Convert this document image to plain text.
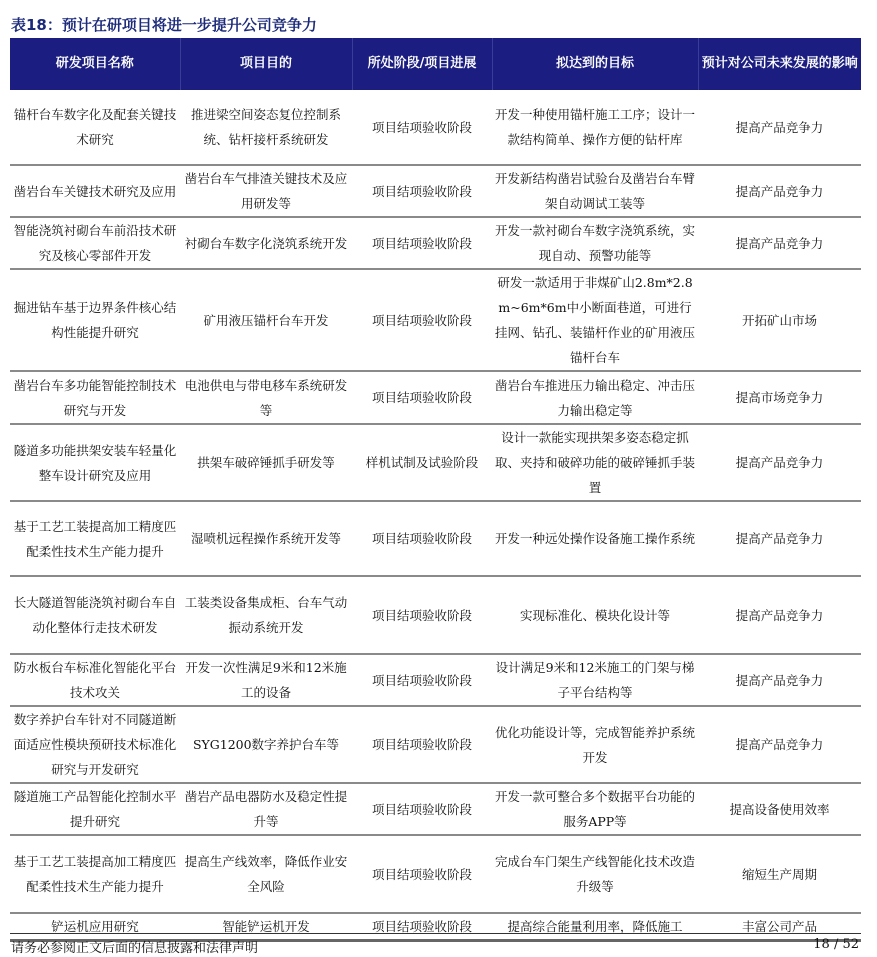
表18：预计在研项目将进一步提升公司竞争力
研发项目名称	项目目的	所处阶段/项目进展	拟达到的目标	预计对公司未来发展的影响
锚杆台车数字化及配套关键技术研究	推进梁空间姿态复位控制系统、钻杆接杆系统研发	项目结项验收阶段	开发一种使用锚杆施工工序；设计一款结构简单、操作方便的钻杆库	提高产品竞争力
凿岩台车关键技术研究及应用	凿岩台车气排渣关键技术及应用研发等	项目结项验收阶段	开发新结构凿岩试验台及凿岩台车臂架自动调试工装等	提高产品竞争力
智能浇筑衬砌台车前沿技术研究及核心零部件开发	衬砌台车数字化浇筑系统开发	项目结项验收阶段	开发一款衬砌台车数字浇筑系统，实现自动、预警功能等	提高产品竞争力
掘进钻车基于边界条件核心结构性能提升研究	矿用液压锚杆台车开发	项目结项验收阶段	研发一款适用于非煤矿山2.8m*2.8m~6m*6m中小断面巷道，可进行挂网、钻孔、装锚杆作业的矿用液压锚杆台车	开拓矿山市场
凿岩台车多功能智能控制技术研究与开发	电池供电与带电移车系统研发等	项目结项验收阶段	凿岩台车推进压力输出稳定、冲击压力输出稳定等	提高市场竞争力
隧道多功能拱架安装车轻量化整车设计研究及应用	拱架车破碎锤抓手研发等	样机试制及试验阶段	设计一款能实现拱架多姿态稳定抓取、夹持和破碎功能的破碎锤抓手装置	提高产品竞争力
基于工艺工装提高加工精度匹配柔性技术生产能力提升	湿喷机远程操作系统开发等	项目结项验收阶段	开发一种远处操作设备施工操作系统	提高产品竞争力
长大隧道智能浇筑衬砌台车自动化整体行走技术研发	工装类设备集成柜、台车气动振动系统开发	项目结项验收阶段	实现标准化、模块化设计等	提高产品竞争力
防水板台车标准化智能化平台技术攻关	开发一次性满足9米和12米施工的设备	项目结项验收阶段	设计满足9米和12米施工的门架与梯子平台结构等	提高产品竞争力
数字养护台车针对不同隧道断面适应性模块预研技术标准化研究与开发研究	SYG1200数字养护台车等	项目结项验收阶段	优化功能设计等，完成智能养护系统开发	提高产品竞争力
隧道施工产品智能化控制水平提升研究	凿岩产品电器防水及稳定性提升等	项目结项验收阶段	开发一款可整合多个数据平台功能的服务APP等	提高设备使用效率
基于工艺工装提高加工精度匹配柔性技术生产能力提升	提高生产线效率，降低作业安全风险	项目结项验收阶段	完成台车门架生产线智能化技术改造升级等	缩短生产周期
铲运机应用研究	智能铲运机开发	项目结项验收阶段	提高综合能量利用率，降低施工	丰富公司产品
请务必参阅正文后面的信息披露和法律声明	18 / 52
